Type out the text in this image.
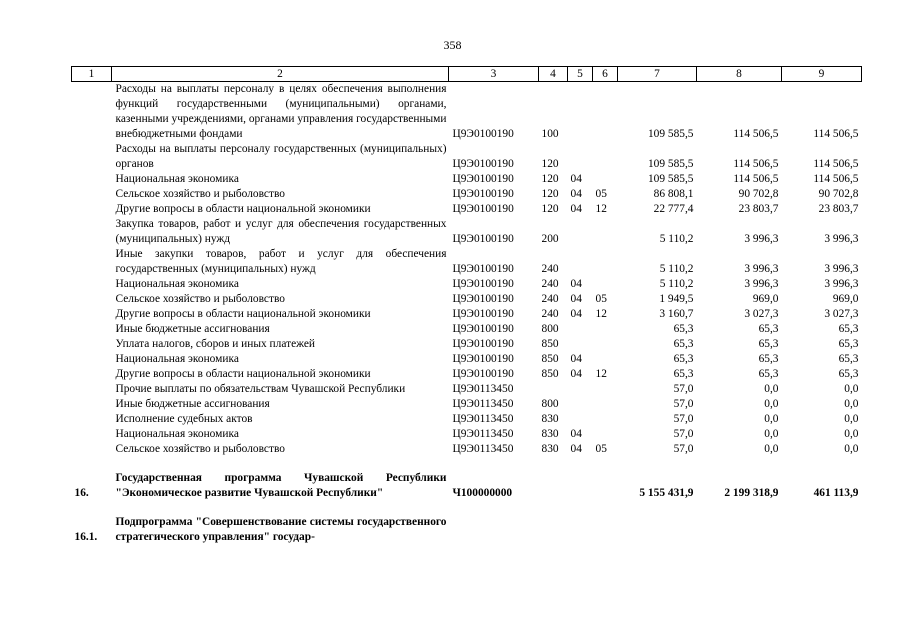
358
1	2	3	4	5	6	7	8	9
	Расходы на выплаты персоналу в целях обеспечения выполнения функций государственными (муниципальными) органами, казенными учреждениями, органами управления государственными внебюджетными фондами	Ц9Э0100190	100			109 585,5	114 506,5	114 506,5
	Расходы на выплаты персоналу государственных (муниципальных) органов	Ц9Э0100190	120			109 585,5	114 506,5	114 506,5
	Национальная экономика	Ц9Э0100190	120	04		109 585,5	114 506,5	114 506,5
	Сельское хозяйство и рыболовство	Ц9Э0100190	120	04	05	86 808,1	90 702,8	90 702,8
	Другие вопросы в области национальной экономики	Ц9Э0100190	120	04	12	22 777,4	23 803,7	23 803,7
	Закупка товаров, работ и услуг для обеспечения государственных (муниципальных) нужд	Ц9Э0100190	200			5 110,2	3 996,3	3 996,3
	Иные закупки товаров, работ и услуг для обеспечения государственных (муниципальных) нужд	Ц9Э0100190	240			5 110,2	3 996,3	3 996,3
	Национальная экономика	Ц9Э0100190	240	04		5 110,2	3 996,3	3 996,3
	Сельское хозяйство и рыболовство	Ц9Э0100190	240	04	05	1 949,5	969,0	969,0
	Другие вопросы в области национальной экономики	Ц9Э0100190	240	04	12	3 160,7	3 027,3	3 027,3
	Иные бюджетные ассигнования	Ц9Э0100190	800			65,3	65,3	65,3
	Уплата налогов, сборов и иных платежей	Ц9Э0100190	850			65,3	65,3	65,3
	Национальная экономика	Ц9Э0100190	850	04		65,3	65,3	65,3
	Другие вопросы в области национальной экономики	Ц9Э0100190	850	04	12	65,3	65,3	65,3
	Прочие выплаты по обязательствам Чувашской Республики	Ц9Э0113450				57,0	0,0	0,0
	Иные бюджетные ассигнования	Ц9Э0113450	800			57,0	0,0	0,0
	Исполнение судебных актов	Ц9Э0113450	830			57,0	0,0	0,0
	Национальная экономика	Ц9Э0113450	830	04		57,0	0,0	0,0
	Сельское хозяйство и рыболовство	Ц9Э0113450	830	04	05	57,0	0,0	0,0

16.	Государственная программа Чувашской Республики "Экономическое развитие Чувашской Республики"	Ч100000000				5 155 431,9	2 199 318,9	461 113,9

16.1.	Подпрограмма "Совершенствование системы государственного стратегического управления" государ-							
